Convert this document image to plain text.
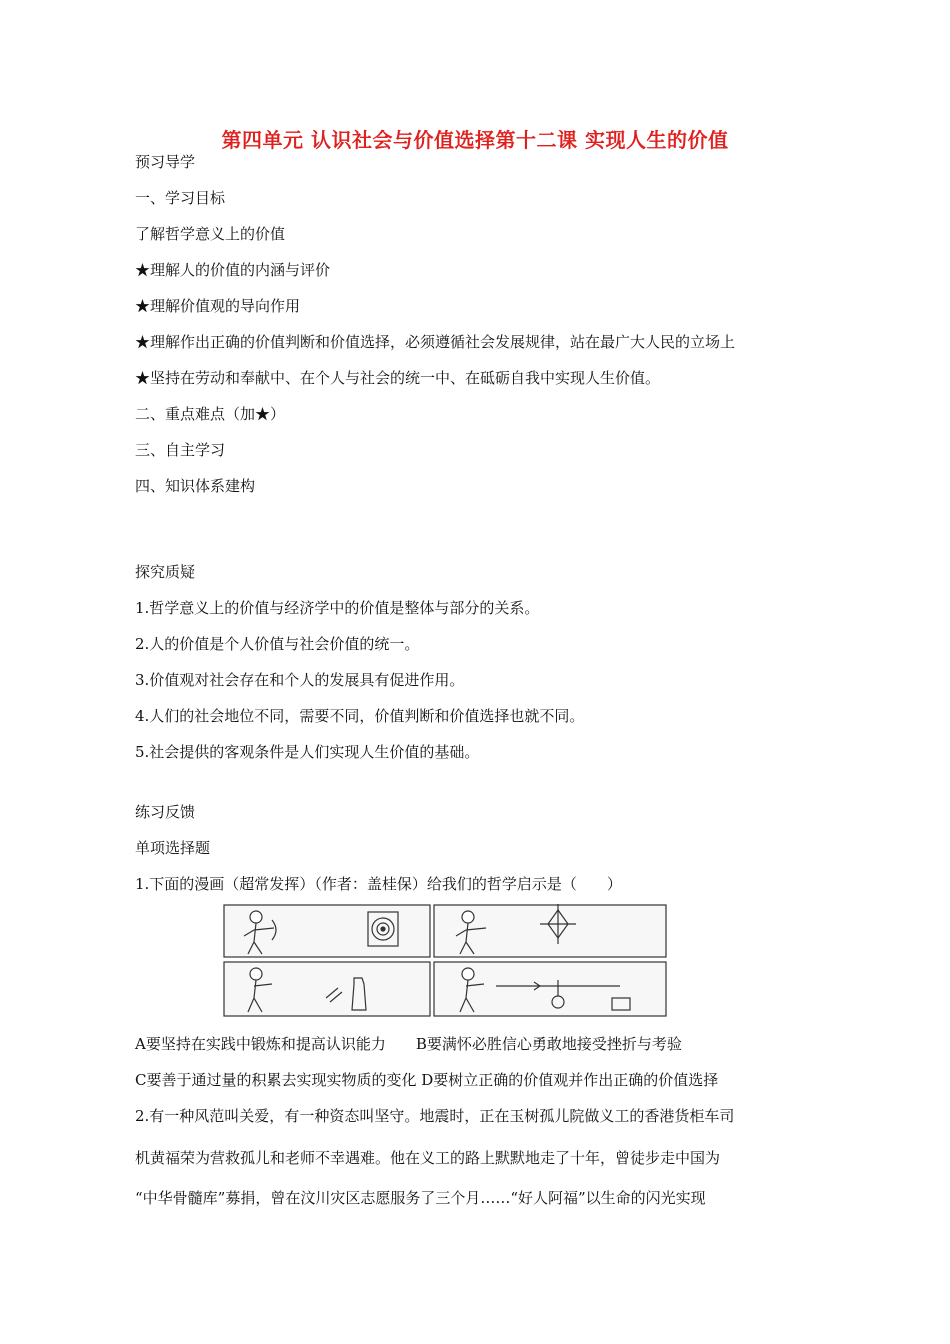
第四单元 认识社会与价值选择第十二课 实现人生的价值
预习导学
一、学习目标
了解哲学意义上的价值
★理解人的价值的内涵与评价
★理解价值观的导向作用
★理解作出正确的价值判断和价值选择，必须遵循社会发展规律，站在最广大人民的立场上
★坚持在劳动和奉献中、在个人与社会的统一中、在砥砺自我中实现人生价值。
二、重点难点（加★）
三、自主学习
四、知识体系建构
探究质疑
1.哲学意义上的价值与经济学中的价值是整体与部分的关系。
2.人的价值是个人价值与社会价值的统一。
3.价值观对社会存在和个人的发展具有促进作用。
4.人们的社会地位不同，需要不同，价值判断和价值选择也就不同。
5.社会提供的客观条件是人们实现人生价值的基础。
练习反馈
单项选择题
1.下面的漫画（超常发挥）（作者：盖桂保）给我们的哲学启示是（　　）
A要坚持在实践中锻炼和提高认识能力　　 B要满怀必胜信心勇敢地接受挫折与考验
C要善于通过量的积累去实现实物质的变化 D要树立正确的价值观并作出正确的价值选择
2.有一种风范叫关爱，有一种资态叫坚守。地震时，正在玉树孤儿院做义工的香港货柜车司
机黄福荣为营救孤儿和老师不幸遇难。他在义工的路上默默地走了十年，曾徒步走中国为
“中华骨髓库”募捐，曾在汶川灾区志愿服务了三个月……“好人阿福”以生命的闪光实现
